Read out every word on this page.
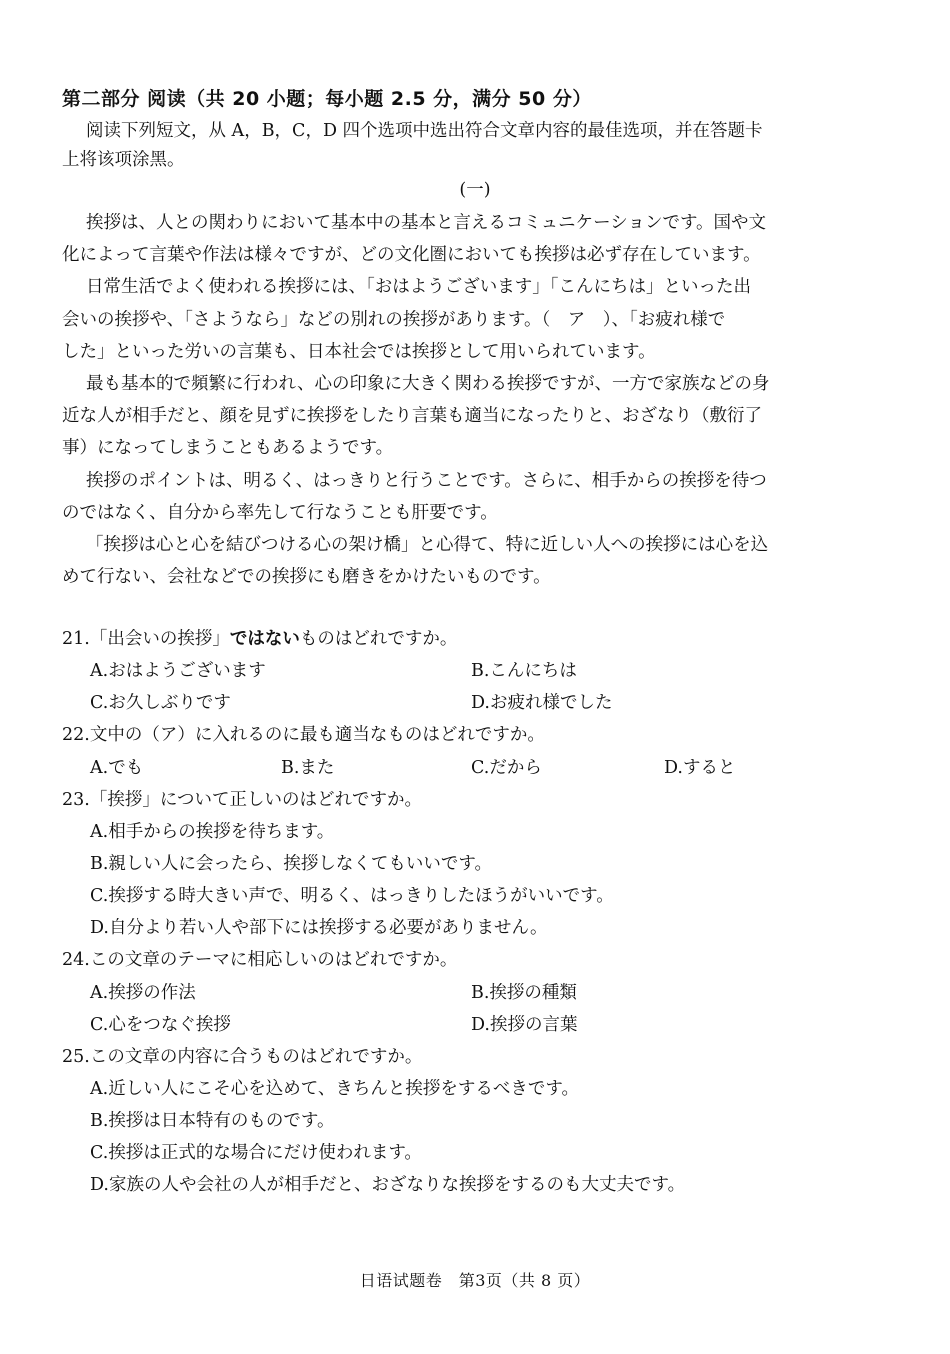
第二部分 阅读（共 20 小题；每小题 2.5 分，满分 50 分）
阅读下列短文，从 A，B，C，D 四个选项中选出符合文章内容的最佳选项，并在答题卡
上将该项涂黑。
(一)
挨拶は、人との関わりにおいて基本中の基本と言えるコミュニケーションです。国や文
化によって言葉や作法は様々ですが、どの文化圏においても挨拶は必ず存在しています。
日常生活でよく使われる挨拶には、「おはようございます」「こんにちは」といった出
会いの挨拶や、「さようなら」などの別れの挨拶があります。（　ア　）、「お疲れ様で
した」といった労いの言葉も、日本社会では挨拶として用いられています。
最も基本的で頻繁に行われ、心の印象に大きく関わる挨拶ですが、一方で家族などの身
近な人が相手だと、顔を見ずに挨拶をしたり言葉も適当になったりと、おざなり（敷衍了
事）になってしまうこともあるようです。
挨拶のポイントは、明るく、はっきりと行うことです。さらに、相手からの挨拶を待つ
のではなく、自分から率先して行なうことも肝要です。
「挨拶は心と心を結びつける心の架け橋」と心得て、特に近しい人への挨拶には心を込
めて行ない、会社などでの挨拶にも磨きをかけたいものです。
21.「出会いの挨拶」ではないものはどれですか。
A.おはようございます	B.こんにちは
C.お久しぶりです	D.お疲れ様でした
22.文中の（ア）に入れるのに最も適当なものはどれですか。
A.でも	B.また	C.だから	D.すると
23.「挨拶」について正しいのはどれですか。
A.相手からの挨拶を待ちます。
B.親しい人に会ったら、挨拶しなくてもいいです。
C.挨拶する時大きい声で、明るく、はっきりしたほうがいいです。
D.自分より若い人や部下には挨拶する必要がありません。
24.この文章のテーマに相応しいのはどれですか。
A.挨拶の作法	B.挨拶の種類
C.心をつなぐ挨拶	D.挨拶の言葉
25.この文章の内容に合うものはどれですか。
A.近しい人にこそ心を込めて、きちんと挨拶をするべきです。
B.挨拶は日本特有のものです。
C.挨拶は正式的な場合にだけ使われます。
D.家族の人や会社の人が相手だと、おざなりな挨拶をするのも大丈夫です。
日语试题卷　第3页（共 8 页）
